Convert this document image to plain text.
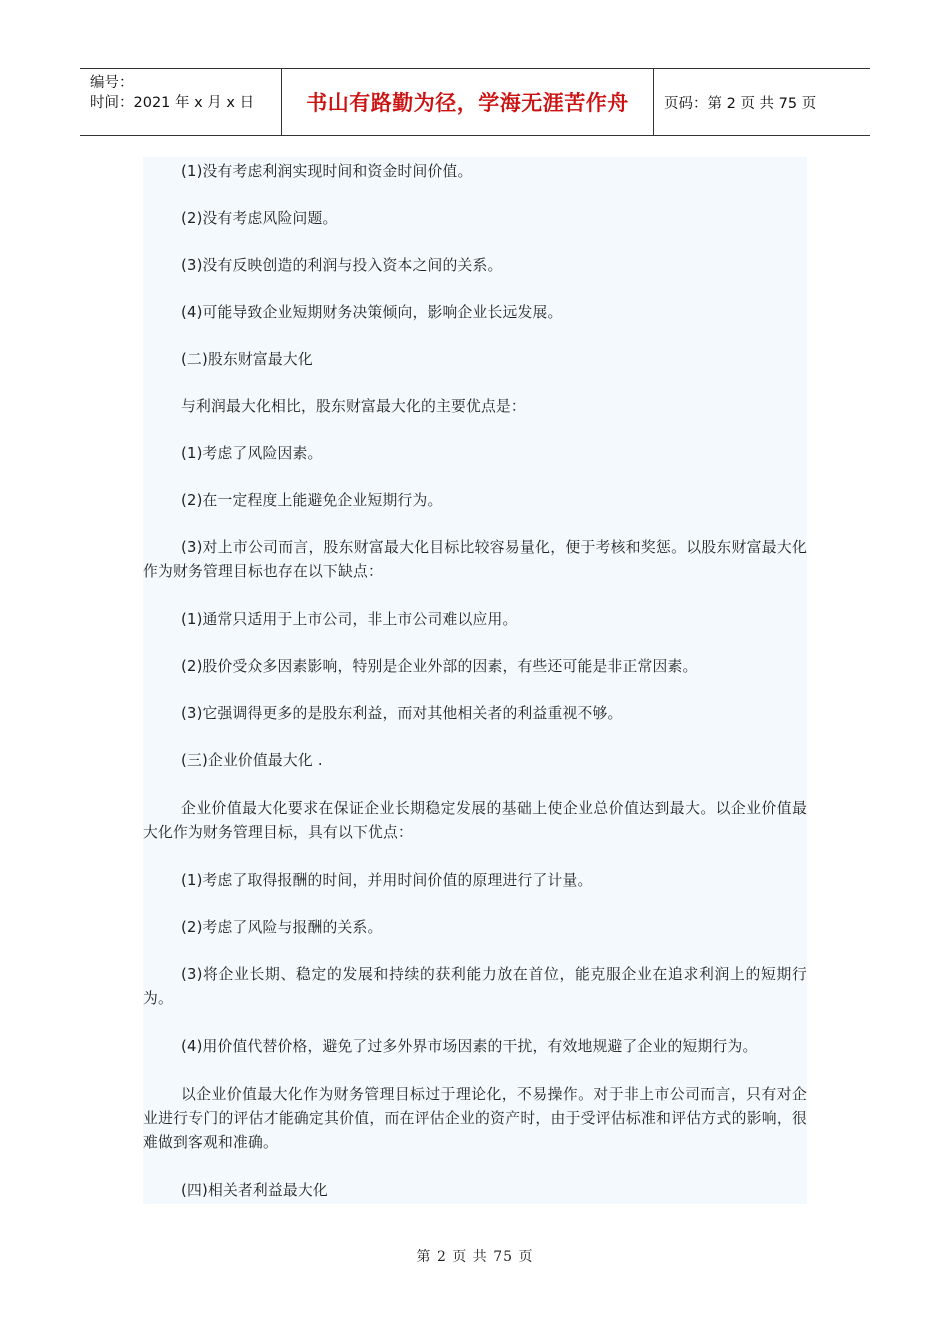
编号：
时间：2021 年 x 月 x 日	书山有路勤为径，学海无涯苦作舟	页码：第 2 页 共 75 页

(1)没有考虑利润实现时间和资金时间价值。

(2)没有考虑风险问题。

(3)没有反映创造的利润与投入资本之间的关系。

(4)可能导致企业短期财务决策倾向，影响企业长远发展。

(二)股东财富最大化

与利润最大化相比，股东财富最大化的主要优点是：

(1)考虑了风险因素。

(2)在一定程度上能避免企业短期行为。

(3)对上市公司而言，股东财富最大化目标比较容易量化，便于考核和奖惩。以股东财富最大化作为财务管理目标也存在以下缺点：

(1)通常只适用于上市公司，非上市公司难以应用。

(2)股价受众多因素影响，特别是企业外部的因素，有些还可能是非正常因素。

(3)它强调得更多的是股东利益，而对其他相关者的利益重视不够。

(三)企业价值最大化 .

企业价值最大化要求在保证企业长期稳定发展的基础上使企业总价值达到最大。以企业价值最大化作为财务管理目标，具有以下优点：

(1)考虑了取得报酬的时间，并用时间价值的原理进行了计量。

(2)考虑了风险与报酬的关系。

(3)将企业长期、稳定的发展和持续的获利能力放在首位，能克服企业在追求利润上的短期行为。

(4)用价值代替价格，避免了过多外界市场因素的干扰，有效地规避了企业的短期行为。

以企业价值最大化作为财务管理目标过于理论化，不易操作。对于非上市公司而言，只有对企业进行专门的评估才能确定其价值，而在评估企业的资产时，由于受评估标准和评估方式的影响，很难做到客观和准确。

(四)相关者利益最大化

第 2 页 共 75 页
